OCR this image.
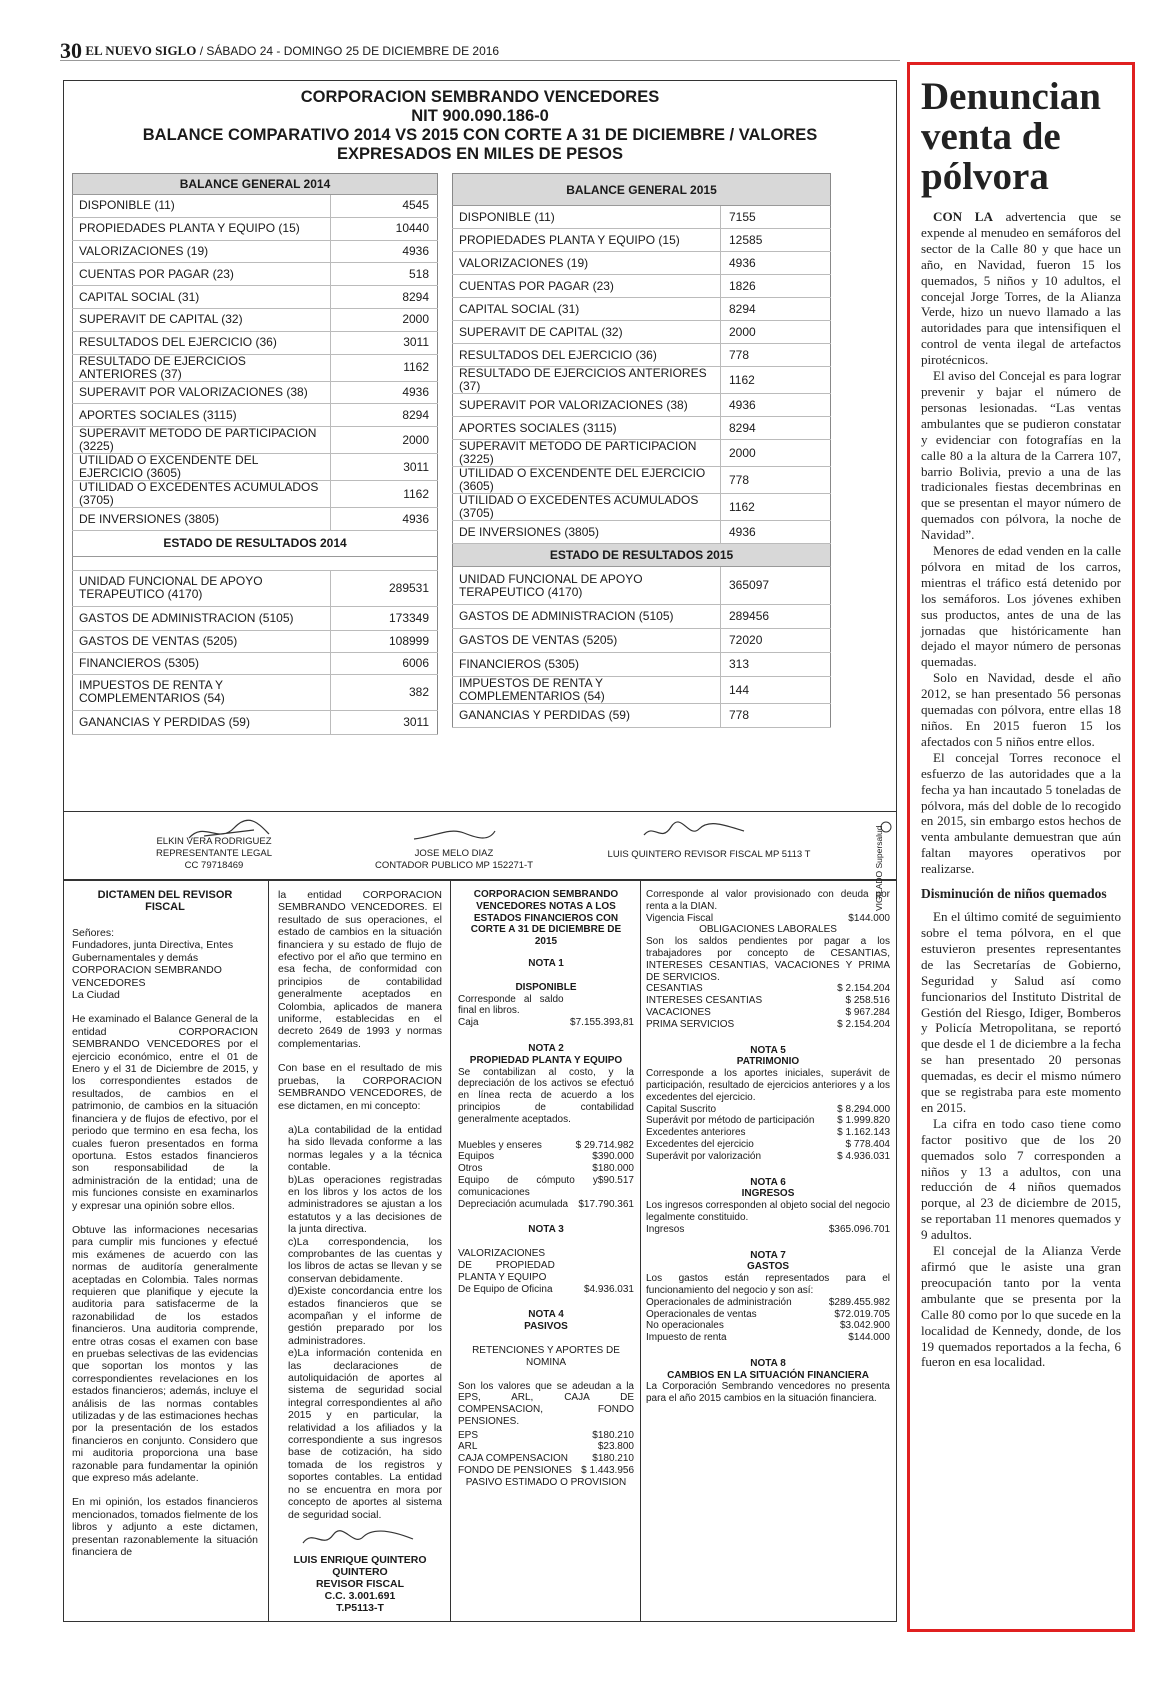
30 EL NUEVO SIGLO / SÁBADO 24 - DOMINGO 25 DE DICIEMBRE DE 2016
CORPORACION SEMBRANDO VENCEDORES
NIT 900.090.186-0
BALANCE COMPARATIVO 2014 VS 2015 CON CORTE A 31 DE DICIEMBRE / VALORES
EXPRESADOS EN MILES DE PESOS
BALANCE GENERAL 2014	
DISPONIBLE (11)	4545
PROPIEDADES PLANTA Y EQUIPO (15)	10440
VALORIZACIONES (19)	4936
CUENTAS POR PAGAR (23)	518
CAPITAL SOCIAL (31)	8294
SUPERAVIT DE CAPITAL (32)	2000
RESULTADOS DEL EJERCICIO (36)	3011
RESULTADO DE EJERCICIOS ANTERIORES (37)	1162
SUPERAVIT POR VALORIZACIONES (38)	4936
APORTES SOCIALES (3115)	8294
SUPERAVIT METODO DE PARTICIPACION (3225)	2000
UTILIDAD O EXCENDENTE DEL EJERCICIO (3605)	3011
UTILIDAD O EXCEDENTES ACUMULADOS (3705)	1162
DE INVERSIONES (3805)	4936
ESTADO DE RESULTADOS 2014	

UNIDAD FUNCIONAL DE APOYO TERAPEUTICO (4170)	289531
GASTOS DE ADMINISTRACION (5105)	173349
GASTOS DE VENTAS (5205)	108999
FINANCIEROS (5305)	6006
IMPUESTOS DE RENTA Y COMPLEMENTARIOS (54)	382
GANANCIAS Y PERDIDAS (59)	3011
BALANCE GENERAL 2015	
DISPONIBLE (11)	7155
PROPIEDADES PLANTA Y EQUIPO (15)	12585
VALORIZACIONES (19)	4936
CUENTAS POR PAGAR (23)	1826
CAPITAL SOCIAL (31)	8294
SUPERAVIT DE CAPITAL (32)	2000
RESULTADOS DEL EJERCICIO (36)	778
RESULTADO DE EJERCICIOS ANTERIORES (37)	1162
SUPERAVIT POR VALORIZACIONES (38)	4936
APORTES SOCIALES (3115)	8294
SUPERAVIT METODO DE PARTICIPACION (3225)	2000
UTILIDAD O EXCENDENTE DEL EJERCICIO (3605)	778
UTILIDAD O EXCEDENTES ACUMULADOS (3705)	1162
DE INVERSIONES (3805)	4936
ESTADO DE RESULTADOS 2015	
UNIDAD FUNCIONAL DE APOYO TERAPEUTICO (4170)	365097
GASTOS DE ADMINISTRACION (5105)	289456
GASTOS DE VENTAS (5205)	72020
FINANCIEROS (5305)	313
IMPUESTOS DE RENTA Y COMPLEMENTARIOS (54)	144
GANANCIAS Y PERDIDAS (59)	778
ELKIN VERA RODRIGUEZ
REPRESENTANTE LEGAL
CC 79718469
JOSE MELO DIAZ
CONTADOR PUBLICO MP 152271-T
LUIS QUINTERO REVISOR FISCAL MP 5113 T	VIGILADO Supersalud
DICTAMEN DEL REVISOR FISCAL

Señores:
Fundadores, junta Directiva, Entes Gubernamentales y demás
CORPORACION SEMBRANDO VENCEDORES
La Ciudad

He examinado el Balance General de la entidad CORPORACION SEMBRANDO VENCEDORES por el ejercicio económico, entre el 01 de Enero y el 31 de Diciembre de 2015, y los correspondientes estados de resultados, de cambios en el patrimonio, de cambios en la situación financiera y de flujos de efectivo, por el periodo que termino en esa fecha, los cuales fueron presentados en forma oportuna. Estos estados financieros son responsabilidad de la administración de la entidad; una de mis funciones consiste en examinarlos y expresar una opinión sobre ellos.

Obtuve las informaciones necesarias para cumplir mis funciones y efectué mis exámenes de acuerdo con las normas de auditoría generalmente aceptadas en Colombia. Tales normas requieren que planifique y ejecute la auditoria para satisfacerme de la razonabilidad de los estados financieros. Una auditoria comprende, entre otras cosas el examen con base en pruebas selectivas de las evidencias que soportan los montos y las correspondientes revelaciones en los estados financieros; además, incluye el análisis de las normas contables utilizadas y de las estimaciones hechas por la presentación de los estados financieros en conjunto. Considero que mi auditoria proporciona una base razonable para fundamentar la opinión que expreso más adelante.

En mi opinión, los estados financieros mencionados, tomados fielmente de los libros y adjunto a este dictamen, presentan razonablemente la situación financiera de

la entidad CORPORACION SEMBRANDO VENCEDORES. El resultado de sus operaciones, el estado de cambios en la situación financiera y su estado de flujo de efectivo por el año que termino en esa fecha, de conformidad con principios de contabilidad generalmente aceptados en Colombia, aplicados de manera uniforme, establecidas en el decreto 2649 de 1993 y normas complementarias.

Con base en el resultado de mis pruebas, la CORPORACION SEMBRANDO VENCEDORES, de ese dictamen, en mi concepto:

a)La contabilidad de la entidad ha sido llevada conforme a las normas legales y a la técnica contable.
b)Las operaciones registradas en los libros y los actos de los administradores se ajustan a los estatutos y a las decisiones de la junta directiva.
c)La correspondencia, los comprobantes de las cuentas y los libros de actas se llevan y se conservan debidamente.
d)Existe concordancia entre los estados financieros que se acompañan y el informe de gestión preparado por los administradores.
e)La información contenida en las declaraciones de autoliquidación de aportes al sistema de seguridad social integral correspondientes al año 2015 y en particular, la relatividad a los afiliados y la correspondiente a sus ingresos base de cotización, ha sido tomada de los registros y soportes contables. La entidad no se encuentra en mora por concepto de aportes al sistema de seguridad social.
LUIS ENRIQUE QUINTERO QUINTERO
REVISOR FISCAL
C.C. 3.001.691
T.P5113-T
CORPORACION SEMBRANDO VENCEDORES NOTAS A LOS ESTADOS FINANCIEROS CON CORTE A 31 DE DICIEMBRE DE 2015
NOTA 1
DISPONIBLE
Corresponde al saldo final en libros.
Caja	$7.155.393,81
NOTA 2
PROPIEDAD PLANTA Y EQUIPO
Se contabilizan al costo, y la depreciación de los activos se efectuó en línea recta de acuerdo a los principios de contabilidad generalmente aceptados.
Muebles y enseres	$ 29.714.982
Equipos	$390.000
Otros	$180.000
Equipo de cómputo y comunicaciones
$90.517
Depreciación acumulada $17.790.361
NOTA 3
VALORIZACIONES DE PROPIEDAD PLANTA Y EQUIPO
De Equipo de Oficina	$4.936.031
NOTA 4
PASIVOS
RETENCIONES Y APORTES DE NOMINA
Son los valores que se adeudan a la EPS, ARL, CAJA DE COMPENSACION, FONDO PENSIONES.
EPS	$180.210
ARL	$23.800
CAJA COMPENSACION $180.210
FONDO DE PENSIONES $ 1.443.956
PASIVO ESTIMADO O PROVISION
Corresponde al valor provisionado con deuda por renta a la DIAN.
Vigencia Fiscal	$144.000
OBLIGACIONES LABORALES
Son los saldos pendientes por pagar a los trabajadores por concepto de CESANTIAS, INTERESES CESANTIAS, VACACIONES Y PRIMA DE SERVICIOS.
CESANTIAS	$ 2.154.204
INTERESES CESANTIAS	$ 258.516
VACACIONES	$ 967.284
PRIMA SERVICIOS	$ 2.154.204
NOTA 5
PATRIMONIO
Corresponde a los aportes iniciales, superávit de participación, resultado de ejercicios anteriores y a los excedentes del ejercicio.
Capital Suscrito	$ 8.294.000
Superávit por método de participación $ 1.999.820
Excedentes anteriores	$ 1.162.143
Excedentes del ejercicio	$ 778.404
Superávit por valorización	$ 4.936.031
NOTA 6
INGRESOS
Los ingresos corresponden al objeto social del negocio legalmente constituido.
Ingresos	$365.096.701
NOTA 7
GASTOS
Los gastos están representados para el funcionamiento del negocio y son así:
Operacionales de administración	$289.455.982
Operacionales de ventas	$72.019.705
No operacionales	$3.042.900
Impuesto de renta	$144.000
NOTA 8
CAMBIOS EN LA SITUACIÓN FINANCIERA
La Corporación Sembrando vencedores no presenta para el año 2015 cambios en la situación financiera.
Denuncian venta de pólvora

CON LA advertencia que se expende al menudeo en semáforos del sector de la Calle 80 y que hace un año, en Navidad, fueron 15 los quemados, 5 niños y 10 adultos, el concejal Jorge Torres, de la Alianza Verde, hizo un nuevo llamado a las autoridades para que intensifiquen el control de venta ilegal de artefactos pirotécnicos.

El aviso del Concejal es para lograr prevenir y bajar el número de personas lesionadas. “Las ventas ambulantes que se pudieron constatar y evidenciar con fotografías en la calle 80 a la altura de la Carrera 107, barrio Bolivia, previo a una de las tradicionales fiestas decembrinas en que se presentan el mayor número de quemados con pólvora, la noche de Navidad”.

Menores de edad venden en la calle pólvora en mitad de los carros, mientras el tráfico está detenido por los semáforos. Los jóvenes exhiben sus productos, antes de una de las jornadas que históricamente han dejado el mayor número de personas quemadas.

Solo en Navidad, desde el año 2012, se han presentado 56 personas quemadas con pólvora, entre ellas 18 niños. En 2015 fueron 15 los afectados con 5 niños entre ellos.

El concejal Torres reconoce el esfuerzo de las autoridades que a la fecha ya han incautado 5 toneladas de pólvora, más del doble de lo recogido en 2015, sin embargo estos hechos de venta ambulante demuestran que aún faltan mayores operativos por realizarse.

Disminución de niños quemados

En el último comité de seguimiento sobre el tema pólvora, en el que estuvieron presentes representantes de las Secretarías de Gobierno, Seguridad y Salud así como funcionarios del Instituto Distrital de Gestión del Riesgo, Idiger, Bomberos y Policía Metropolitana, se reportó que desde el 1 de diciembre a la fecha se han presentado 20 personas quemadas, es decir el mismo número que se registraba para este momento en 2015.

La cifra en todo caso tiene como factor positivo que de los 20 quemados solo 7 corresponden a niños y 13 a adultos, con una reducción de 4 niños quemados porque, al 23 de diciembre de 2015, se reportaban 11 menores quemados y 9 adultos.

El concejal de la Alianza Verde afirmó que le asiste una gran preocupación tanto por la venta ambulante que se presenta por la Calle 80 como por lo que sucede en la localidad de Kennedy, donde, de los 19 quemados reportados a la fecha, 6 fueron en esa localidad.
